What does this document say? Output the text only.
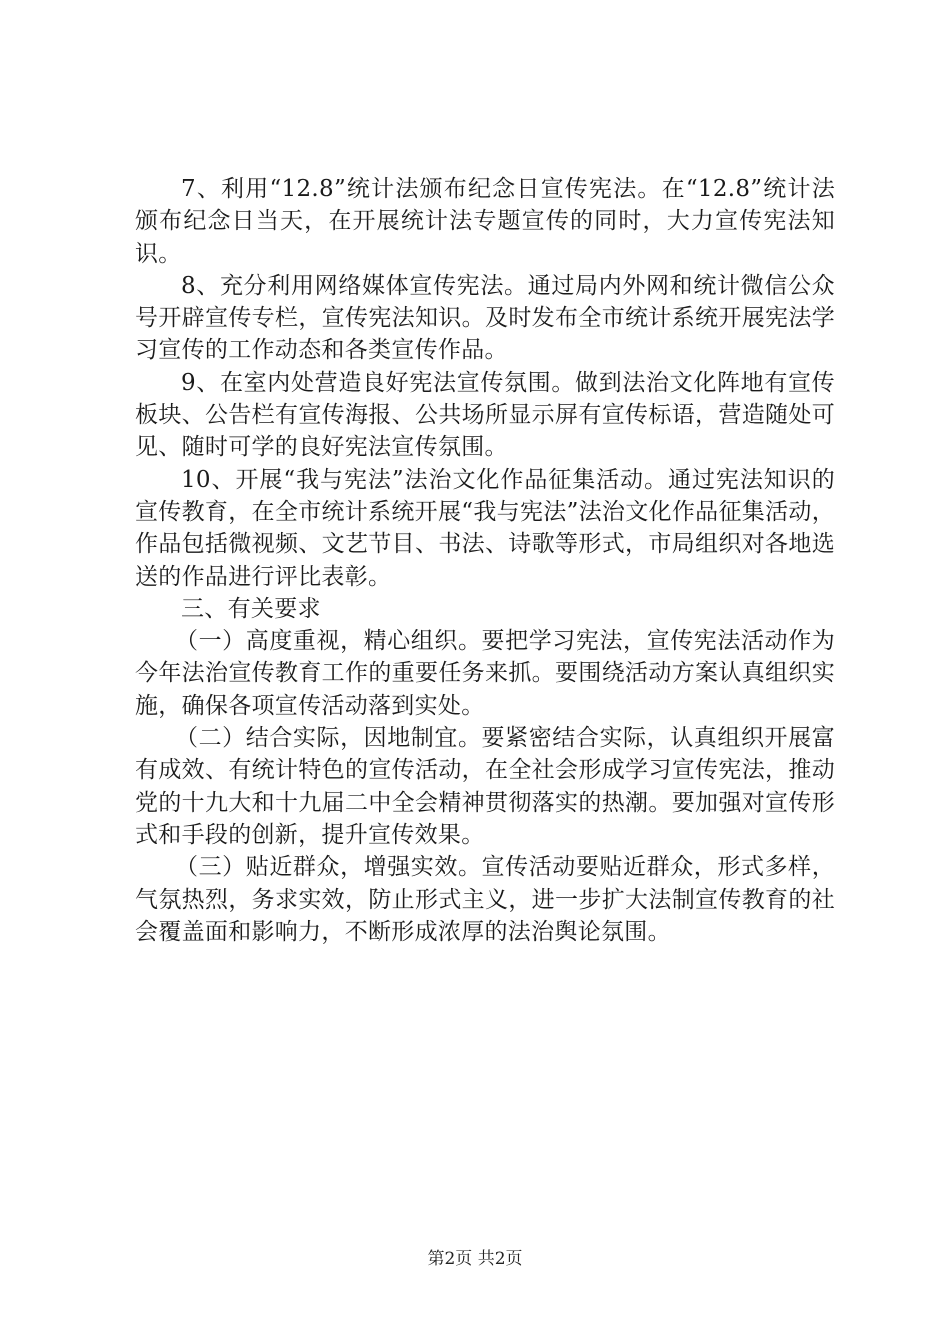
7、利用“12.8”统计法颁布纪念日宣传宪法。在“12.8”统计法颁布纪念日当天，在开展统计法专题宣传的同时，大力宣传宪法知识。

8、充分利用网络媒体宣传宪法。通过局内外网和统计微信公众号开辟宣传专栏，宣传宪法知识。及时发布全市统计系统开展宪法学习宣传的工作动态和各类宣传作品。

9、在室内处营造良好宪法宣传氛围。做到法治文化阵地有宣传板块、公告栏有宣传海报、公共场所显示屏有宣传标语，营造随处可见、随时可学的良好宪法宣传氛围。

10、开展“我与宪法”法治文化作品征集活动。通过宪法知识的宣传教育，在全市统计系统开展“我与宪法”法治文化作品征集活动，作品包括微视频、文艺节目、书法、诗歌等形式，市局组织对各地选送的作品进行评比表彰。

三、有关要求

（一）高度重视，精心组织。要把学习宪法，宣传宪法活动作为今年法治宣传教育工作的重要任务来抓。要围绕活动方案认真组织实施，确保各项宣传活动落到实处。

（二）结合实际，因地制宜。要紧密结合实际，认真组织开展富有成效、有统计特色的宣传活动，在全社会形成学习宣传宪法，推动党的十九大和十九届二中全会精神贯彻落实的热潮。要加强对宣传形式和手段的创新，提升宣传效果。

（三）贴近群众，增强实效。宣传活动要贴近群众，形式多样，气氛热烈，务求实效，防止形式主义，进一步扩大法制宣传教育的社会覆盖面和影响力，不断形成浓厚的法治舆论氛围。

第2页 共2页
